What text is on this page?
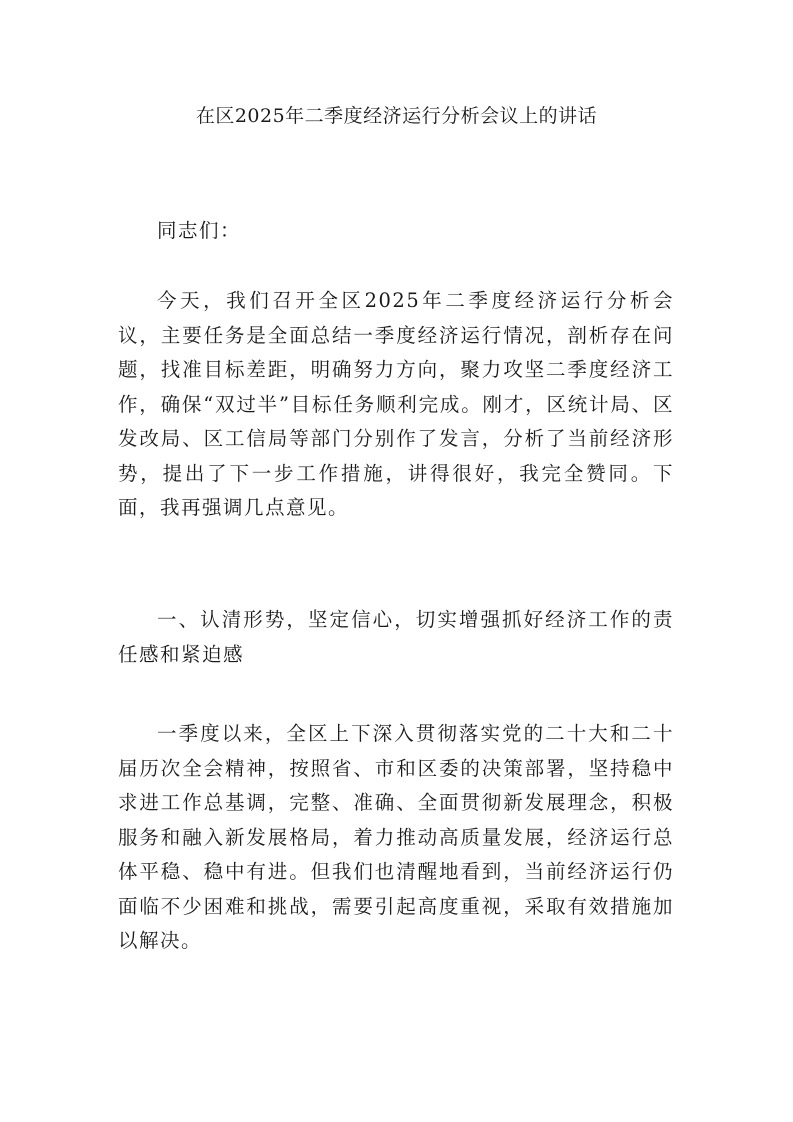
在区2025年二季度经济运行分析会议上的讲话

同志们：

今天，我们召开全区2025年二季度经济运行分析会议，主要任务是全面总结一季度经济运行情况，剖析存在问题，找准目标差距，明确努力方向，聚力攻坚二季度经济工作，确保“双过半”目标任务顺利完成。刚才，区统计局、区发改局、区工信局等部门分别作了发言，分析了当前经济形势，提出了下一步工作措施，讲得很好，我完全赞同。下面，我再强调几点意见。

一、认清形势，坚定信心，切实增强抓好经济工作的责任感和紧迫感

一季度以来，全区上下深入贯彻落实党的二十大和二十届历次全会精神，按照省、市和区委的决策部署，坚持稳中求进工作总基调，完整、准确、全面贯彻新发展理念，积极服务和融入新发展格局，着力推动高质量发展，经济运行总体平稳、稳中有进。但我们也清醒地看到，当前经济运行仍面临不少困难和挑战，需要引起高度重视，采取有效措施加以解决。
